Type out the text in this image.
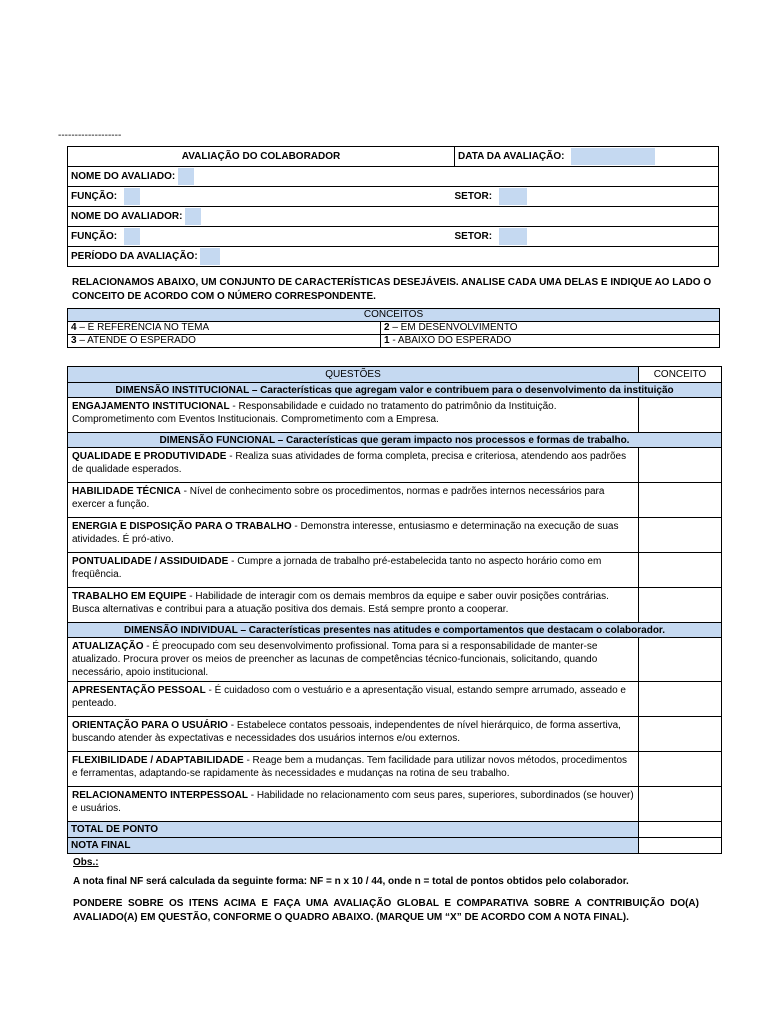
-------------------
AVALIAÇÃO DO COLABORADOR	DATA DA AVALIAÇÃO:
NOME DO AVALIADO:	
FUNÇÃO:	SETOR:
NOME DO AVALIADOR:	
FUNÇÃO:	SETOR:
PERÍODO DA AVALIAÇÃO:	
RELACIONAMOS ABAIXO, UM CONJUNTO DE CARACTERÍSTICAS DESEJÁVEIS. ANALISE CADA UMA DELAS E INDIQUE AO LADO O CONCEITO DE ACORDO COM O NÚMERO CORRESPONDENTE.
CONCEITOS	
4 – É REFERÊNCIA NO TEMA	2 – EM DESENVOLVIMENTO
3 – ATENDE O ESPERADO	1 - ABAIXO DO ESPERADO
QUESTÕES	CONCEITO
DIMENSÃO INSTITUCIONAL – Características que agregam valor e contribuem para o desenvolvimento da instituição	
ENGAJAMENTO INSTITUCIONAL - Responsabilidade e cuidado no tratamento do patrimônio da Instituição. Comprometimento com Eventos Institucionais. Comprometimento com a Empresa.	
DIMENSÃO FUNCIONAL – Características que geram impacto nos processos e formas de trabalho.	
QUALIDADE E PRODUTIVIDADE - Realiza suas atividades de forma completa, precisa e criteriosa, atendendo aos padrões de qualidade esperados.	
HABILIDADE TÉCNICA - Nível de conhecimento sobre os procedimentos, normas e padrões internos necessários para exercer a função.	
ENERGIA E DISPOSIÇÃO PARA O TRABALHO - Demonstra interesse, entusiasmo e determinação na execução de suas atividades. É pró-ativo.	
PONTUALIDADE / ASSIDUIDADE - Cumpre a jornada de trabalho pré-estabelecida tanto no aspecto horário como em freqüência.	
TRABALHO EM EQUIPE - Habilidade de interagir com os demais membros da equipe e saber ouvir posições contrárias. Busca alternativas e contribui para a atuação positiva dos demais. Está sempre pronto a cooperar.	
DIMENSÃO INDIVIDUAL – Características presentes nas atitudes e comportamentos que destacam o colaborador.	
ATUALIZAÇÃO - É preocupado com seu desenvolvimento profissional. Toma para si a responsabilidade de manter-se atualizado. Procura prover os meios de preencher as lacunas de competências técnico-funcionais, solicitando, quando necessário, apoio institucional.	
APRESENTAÇÃO PESSOAL - É cuidadoso com o vestuário e a apresentação visual, estando sempre arrumado, asseado e penteado.	
ORIENTAÇÃO PARA O USUÁRIO - Estabelece contatos pessoais, independentes de nível hierárquico, de forma assertiva, buscando atender às expectativas e necessidades dos usuários internos e/ou externos.	
FLEXIBILIDADE / ADAPTABILIDADE - Reage bem a mudanças. Tem facilidade para utilizar novos métodos, procedimentos e ferramentas, adaptando-se rapidamente às necessidades e mudanças na rotina de seu trabalho.	
RELACIONAMENTO INTERPESSOAL - Habilidade no relacionamento com seus pares, superiores, subordinados (se houver) e usuários.	
TOTAL DE PONTO	
NOTA FINAL	
Obs.:
A nota final NF será calculada da seguinte forma: NF = n x 10 / 44, onde n = total de pontos obtidos pelo colaborador.
PONDERE SOBRE OS ITENS ACIMA E FAÇA UMA AVALIAÇÃO GLOBAL E COMPARATIVA SOBRE A CONTRIBUIÇÃO DO(A) AVALIADO(A) EM QUESTÃO, CONFORME O QUADRO ABAIXO. (MARQUE UM “X” DE ACORDO COM A NOTA FINAL).
